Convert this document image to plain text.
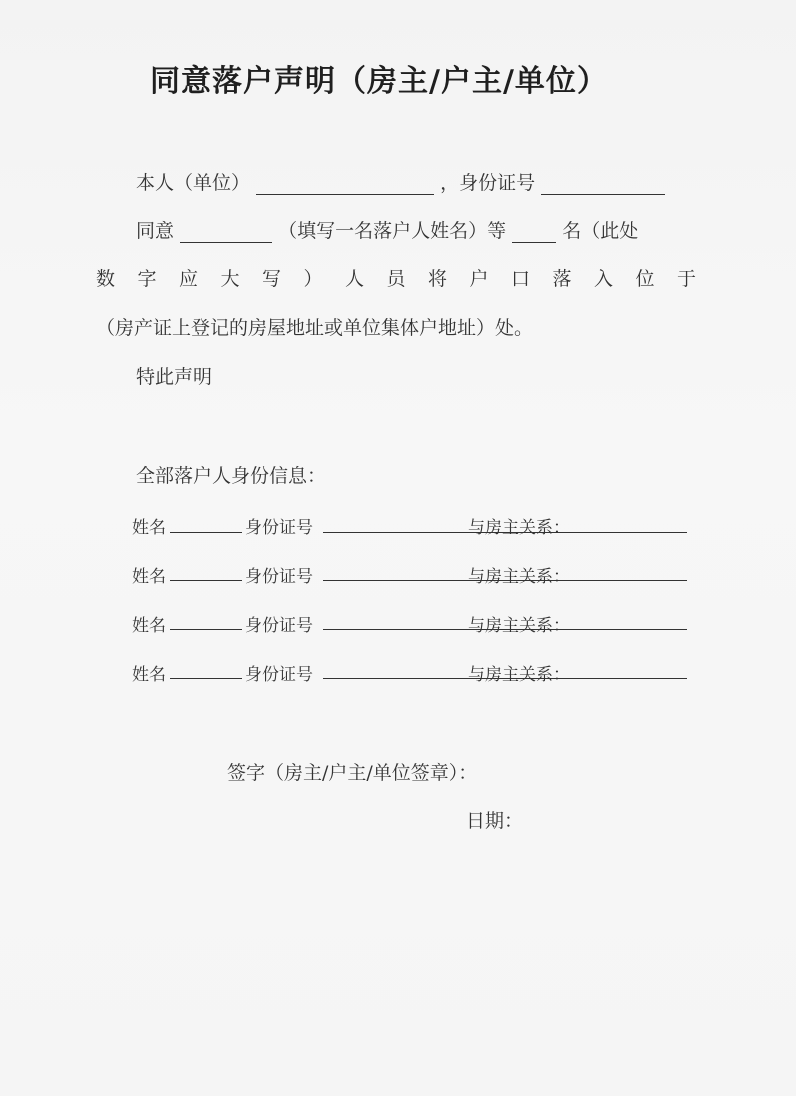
同意落户声明（房主/户主/单位）
本人（单位）	，身份证号
同意	（填写一名落户人姓名）等	名（此处
数字应大写）人员将户口落入位于
（房产证上登记的房屋地址或单位集体户地址）处。
特此声明
全部落户人身份信息：
姓名	身份证号	与房主关系：
姓名	身份证号	与房主关系：
姓名	身份证号	与房主关系：
姓名	身份证号	与房主关系：
签字（房主/户主/单位签章）：
日期：
